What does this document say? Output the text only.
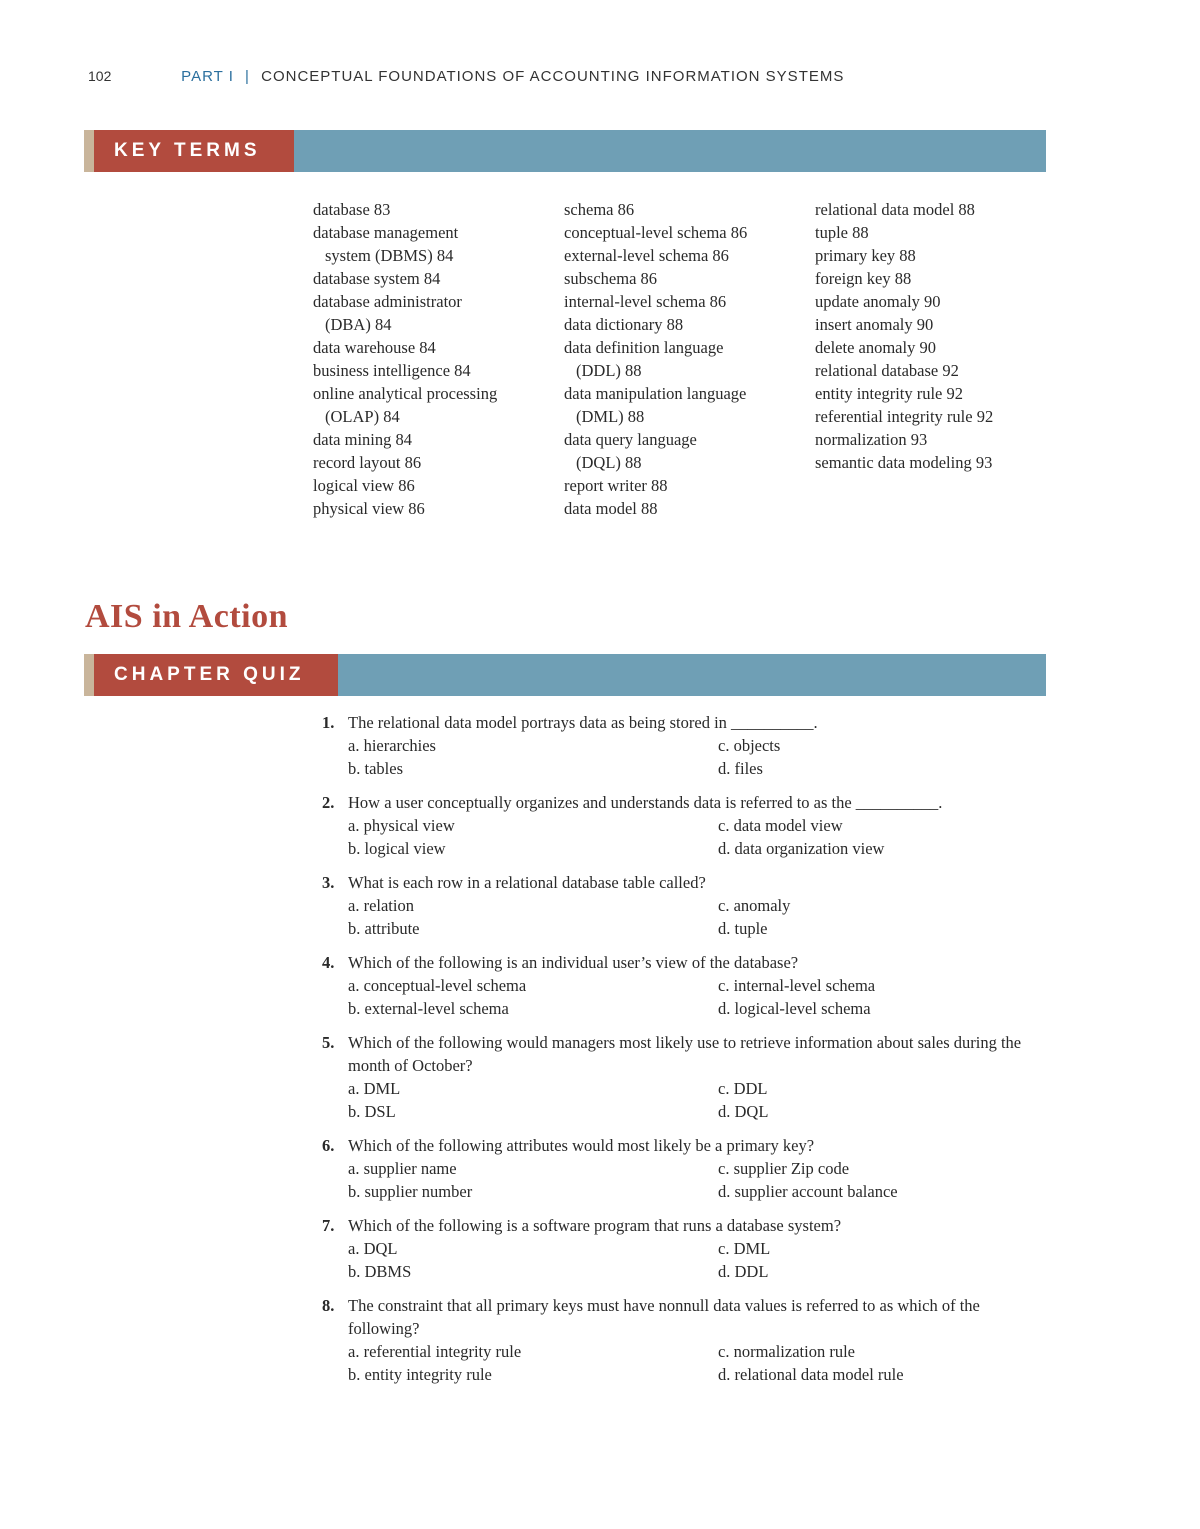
102	PART I | CONCEPTUAL FOUNDATIONS OF ACCOUNTING INFORMATION SYSTEMS
KEY TERMS
database 83
database management
system (DBMS) 84
database system 84
database administrator
(DBA) 84
data warehouse 84
business intelligence 84
online analytical processing
(OLAP) 84
data mining 84
record layout 86
logical view 86
physical view 86
schema 86
conceptual-level schema 86
external-level schema 86
subschema 86
internal-level schema 86
data dictionary 88
data definition language
(DDL) 88
data manipulation language
(DML) 88
data query language
(DQL) 88
report writer 88
data model 88
relational data model 88
tuple 88
primary key 88
foreign key 88
update anomaly 90
insert anomaly 90
delete anomaly 90
relational database 92
entity integrity rule 92
referential integrity rule 92
normalization 93
semantic data modeling 93
AIS in Action
CHAPTER QUIZ
1. The relational data model portrays data as being stored in __________.
a. hierarchies	c. objects
b. tables	d. files
2. How a user conceptually organizes and understands data is referred to as the __________.
a. physical view	c. data model view
b. logical view	d. data organization view
3. What is each row in a relational database table called?
a. relation	c. anomaly
b. attribute	d. tuple
4. Which of the following is an individual user’s view of the database?
a. conceptual-level schema	c. internal-level schema
b. external-level schema	d. logical-level schema
5. Which of the following would managers most likely use to retrieve information about sales during the month of October?
a. DML	c. DDL
b. DSL	d. DQL
6. Which of the following attributes would most likely be a primary key?
a. supplier name	c. supplier Zip code
b. supplier number	d. supplier account balance
7. Which of the following is a software program that runs a database system?
a. DQL	c. DML
b. DBMS	d. DDL
8. The constraint that all primary keys must have nonnull data values is referred to as which of the following?
a. referential integrity rule	c. normalization rule
b. entity integrity rule	d. relational data model rule
